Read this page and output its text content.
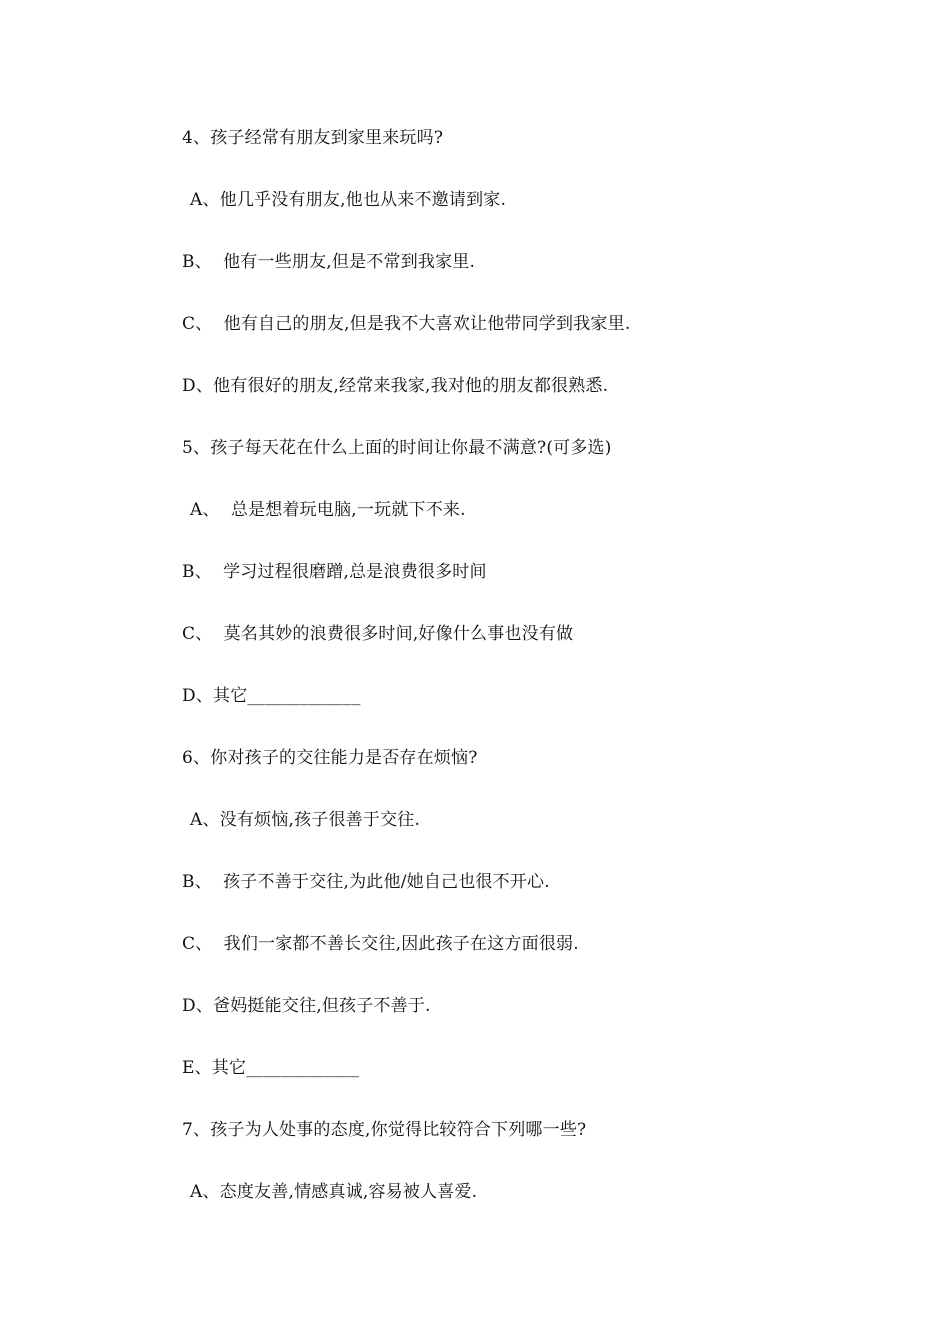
4、孩子经常有朋友到家里来玩吗?
A、他几乎没有朋友,他也从来不邀请到家.
B、  他有一些朋友,但是不常到我家里.
C、  他有自己的朋友,但是我不大喜欢让他带同学到我家里.
D、他有很好的朋友,经常来我家,我对他的朋友都很熟悉.
5、孩子每天花在什么上面的时间让你最不满意?(可多选)
A、  总是想着玩电脑,一玩就下不来.
B、  学习过程很磨蹭,总是浪费很多时间
C、  莫名其妙的浪费很多时间,好像什么事也没有做
D、其它_____________
6、你对孩子的交往能力是否存在烦恼?
A、没有烦恼,孩子很善于交往.
B、  孩子不善于交往,为此他/她自己也很不开心.
C、  我们一家都不善长交往,因此孩子在这方面很弱.
D、爸妈挺能交往,但孩子不善于.
E、其它_____________
7、孩子为人处事的态度,你觉得比较符合下列哪一些?
A、态度友善,情感真诚,容易被人喜爱.
